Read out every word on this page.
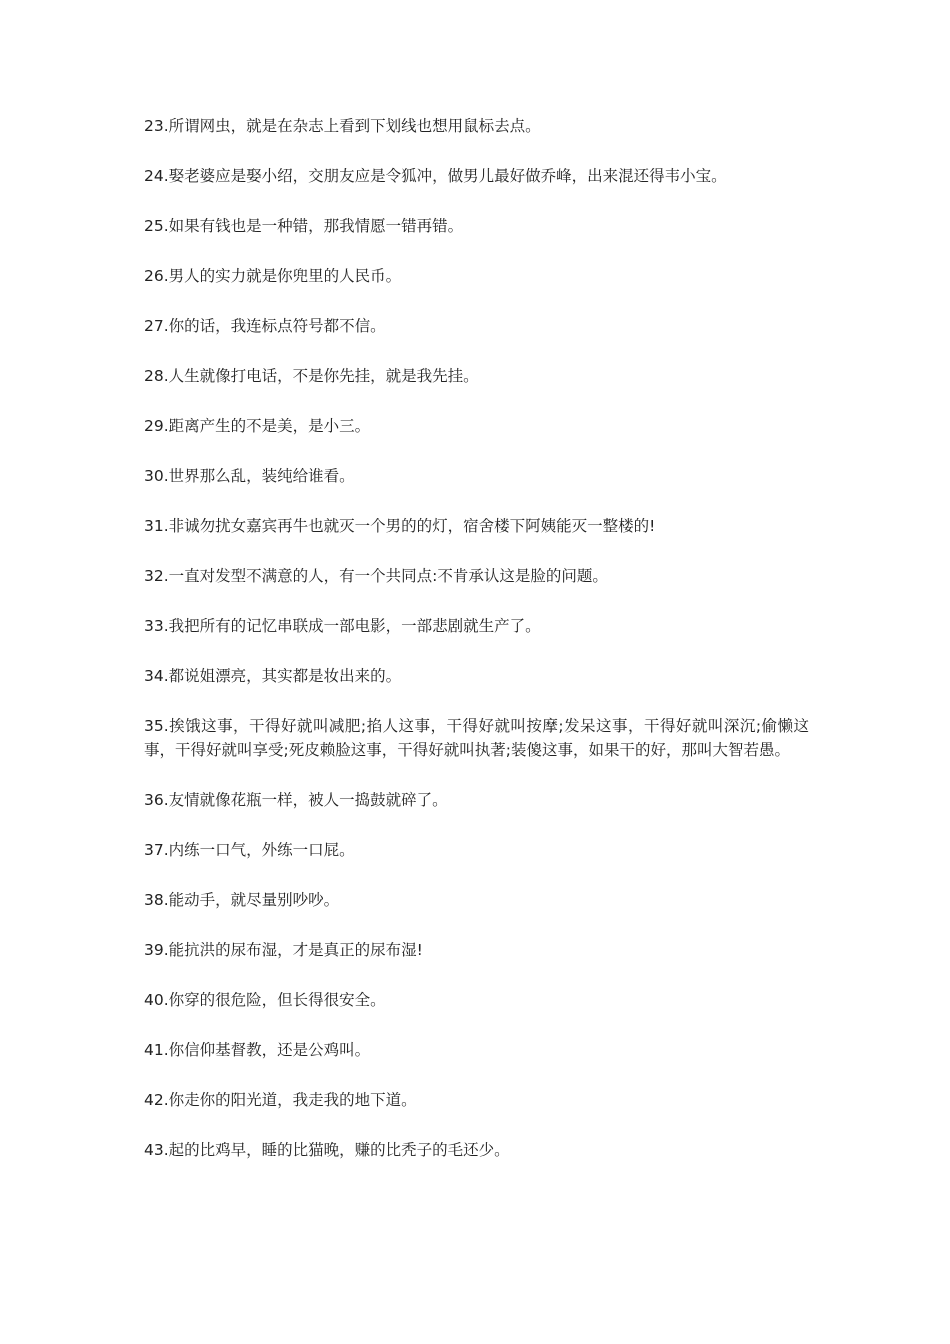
23.所谓网虫，就是在杂志上看到下划线也想用鼠标去点。

24.娶老婆应是娶小绍，交朋友应是令狐冲，做男儿最好做乔峰，出来混还得韦小宝。

25.如果有钱也是一种错，那我情愿一错再错。

26.男人的实力就是你兜里的人民币。

27.你的话，我连标点符号都不信。

28.人生就像打电话，不是你先挂，就是我先挂。

29.距离产生的不是美，是小三。

30.世界那么乱，装纯给谁看。

31.非诚勿扰女嘉宾再牛也就灭一个男的的灯，宿舍楼下阿姨能灭一整楼的!

32.一直对发型不满意的人，有一个共同点:不肯承认这是脸的问题。

33.我把所有的记忆串联成一部电影，一部悲剧就生产了。

34.都说姐漂亮，其实都是妆出来的。

35.挨饿这事，干得好就叫减肥;掐人这事，干得好就叫按摩;发呆这事，干得好就叫深沉;偷懒这事，干得好就叫享受;死皮赖脸这事，干得好就叫执著;装傻这事，如果干的好，那叫大智若愚。

36.友情就像花瓶一样，被人一捣鼓就碎了。

37.内练一口气，外练一口屁。

38.能动手，就尽量别吵吵。

39.能抗洪的尿布湿，才是真正的尿布湿!

40.你穿的很危险，但长得很安全。

41.你信仰基督教，还是公鸡叫。

42.你走你的阳光道，我走我的地下道。

43.起的比鸡早，睡的比猫晚，赚的比秃子的毛还少。
